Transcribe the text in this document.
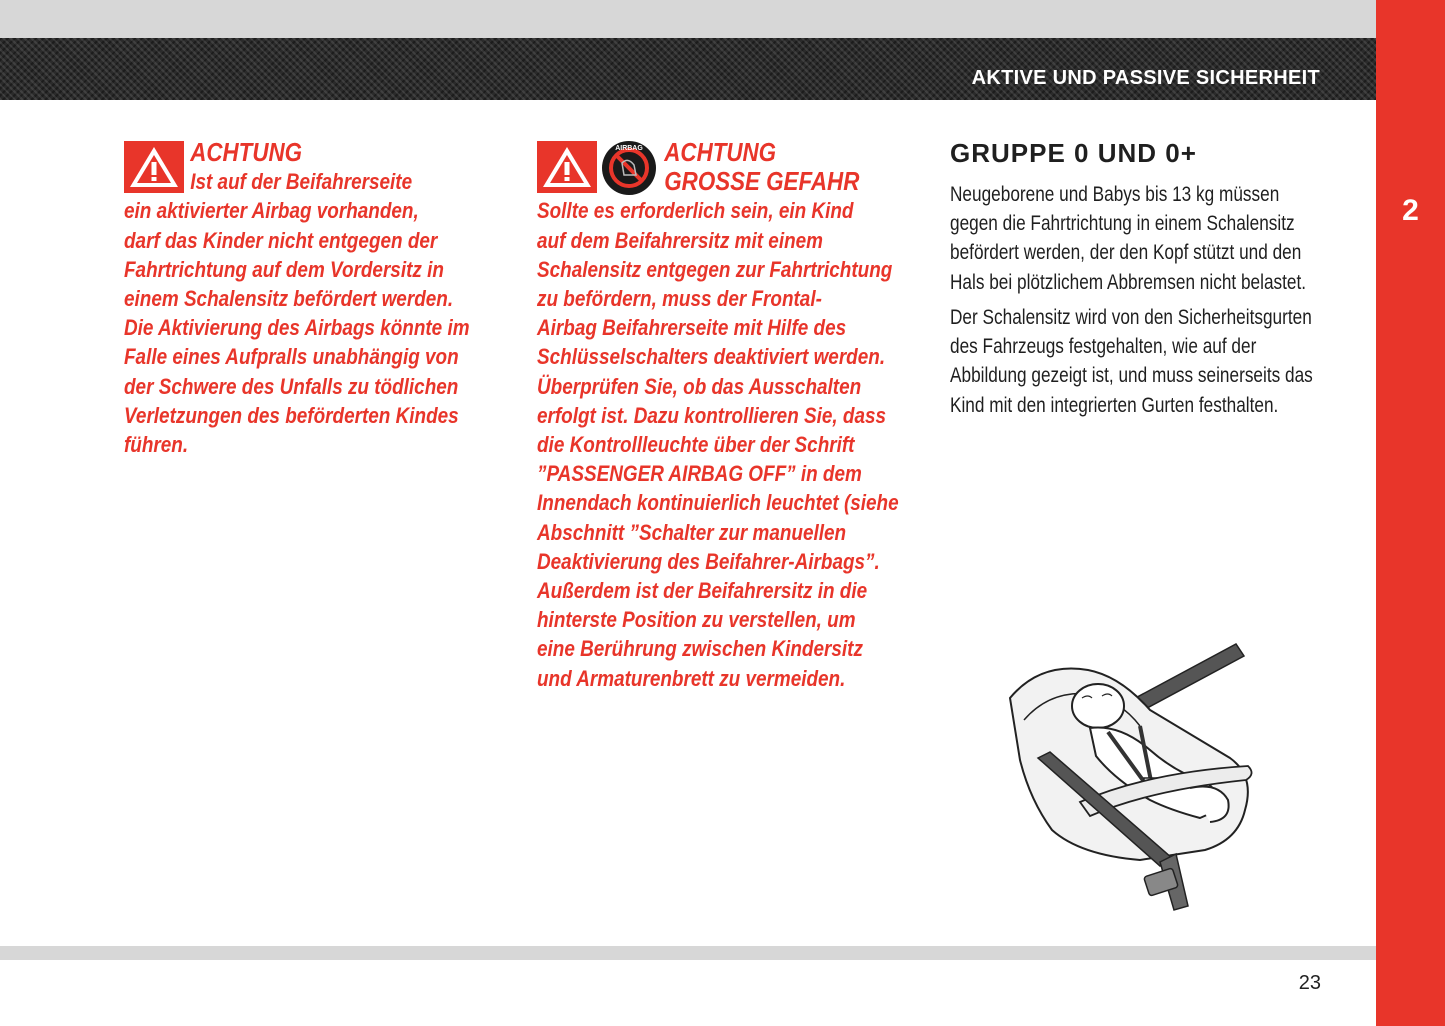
AKTIVE UND PASSIVE SICHERHEIT
2
ACHTUNG
Ist auf der Beifahrerseite
ein aktivierter Airbag vorhanden,
darf das Kinder nicht entgegen der
Fahrtrichtung auf dem Vordersitz in
einem Schalensitz befördert werden.
Die Aktivierung des Airbags könnte im
Falle eines Aufpralls unabhängig von
der Schwere des Unfalls zu tödlichen
Verletzungen des beförderten Kindes
führen.
AIRBAG ACHTUNG
GROSSE GEFAHR
Sollte es erforderlich sein, ein Kind
auf dem Beifahrersitz mit einem
Schalensitz entgegen zur Fahrtrichtung
zu befördern, muss der Frontal-
Airbag Beifahrerseite mit Hilfe des
Schlüsselschalters deaktiviert werden.
Überprüfen Sie, ob das Ausschalten
erfolgt ist. Dazu kontrollieren Sie, dass
die Kontrollleuchte über der Schrift
”PASSENGER AIRBAG OFF” in dem
Innendach kontinuierlich leuchtet (siehe
Abschnitt ”Schalter zur manuellen
Deaktivierung des Beifahrer-Airbags”.
Außerdem ist der Beifahrersitz in die
hinterste Position zu verstellen, um
eine Berührung zwischen Kindersitz
und Armaturenbrett zu vermeiden.
GRUPPE 0 UND 0+
Neugeborene und Babys bis 13 kg müssen
gegen die Fahrtrichtung in einem Schalensitz
befördert werden, der den Kopf stützt und den
Hals bei plötzlichem Abbremsen nicht belastet.
Der Schalensitz wird von den Sicherheitsgurten
des Fahrzeugs festgehalten, wie auf der
Abbildung gezeigt ist, und muss seinerseits das
Kind mit den integrierten Gurten festhalten.
23
